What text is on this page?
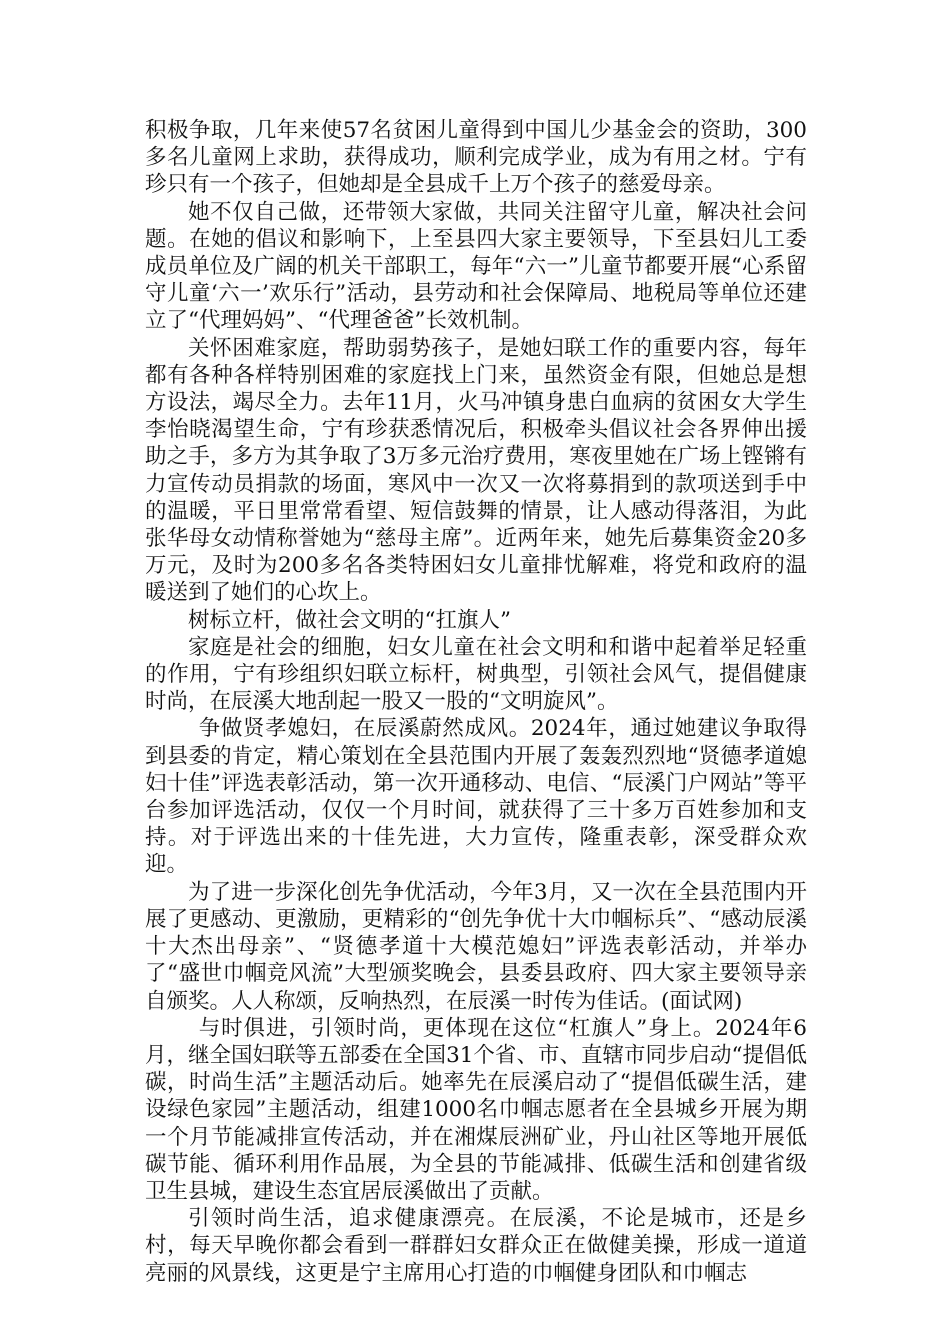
积极争取，几年来使57名贫困儿童得到中国儿少基金会的资助，300多名儿童网上求助，获得成功，顺利完成学业，成为有用之材。宁有珍只有一个孩子，但她却是全县成千上万个孩子的慈爱母亲。

她不仅自己做，还带领大家做，共同关注留守儿童，解决社会问题。在她的倡议和影响下，上至县四大家主要领导，下至县妇儿工委成员单位及广阔的机关干部职工，每年“六一”儿童节都要开展“心系留守儿童‘六一’欢乐行”活动，县劳动和社会保障局、地税局等单位还建立了“代理妈妈”、“代理爸爸”长效机制。

关怀困难家庭，帮助弱势孩子，是她妇联工作的重要内容，每年都有各种各样特别困难的家庭找上门来，虽然资金有限，但她总是想方设法，竭尽全力。去年11月，火马冲镇身患白血病的贫困女大学生李怡晓渴望生命，宁有珍获悉情况后，积极牵头倡议社会各界伸出援助之手，多方为其争取了3万多元治疗费用，寒夜里她在广场上铿锵有力宣传动员捐款的场面，寒风中一次又一次将募捐到的款项送到手中的温暖，平日里常常看望、短信鼓舞的情景，让人感动得落泪，为此张华母女动情称誉她为“慈母主席”。近两年来，她先后募集资金20多万元，及时为200多名各类特困妇女儿童排忧解难，将党和政府的温暖送到了她们的心坎上。

树标立杆，做社会文明的“扛旗人”

家庭是社会的细胞，妇女儿童在社会文明和和谐中起着举足轻重的作用，宁有珍组织妇联立标杆，树典型，引领社会风气，提倡健康时尚，在辰溪大地刮起一股又一股的“文明旋风”。

争做贤孝媳妇，在辰溪蔚然成风。2024年，通过她建议争取得到县委的肯定，精心策划在全县范围内开展了轰轰烈烈地“贤德孝道媳妇十佳”评选表彰活动，第一次开通移动、电信、“辰溪门户网站”等平台参加评选活动，仅仅一个月时间，就获得了三十多万百姓参加和支持。对于评选出来的十佳先进，大力宣传，隆重表彰，深受群众欢迎。

为了进一步深化创先争优活动，今年3月，又一次在全县范围内开展了更感动、更激励，更精彩的“创先争优十大巾帼标兵”、“感动辰溪十大杰出母亲”、“贤德孝道十大模范媳妇”评选表彰活动，并举办了“盛世巾帼竞风流”大型颁奖晚会，县委县政府、四大家主要领导亲自颁奖。人人称颂，反响热烈，在辰溪一时传为佳话。(面试网)

与时俱进，引领时尚，更体现在这位“杠旗人”身上。2024年6月，继全国妇联等五部委在全国31个省、市、直辖市同步启动“提倡低碳，时尚生活”主题活动后。她率先在辰溪启动了“提倡低碳生活，建设绿色家园”主题活动，组建1000名巾帼志愿者在全县城乡开展为期一个月节能减排宣传活动，并在湘煤辰洲矿业，丹山社区等地开展低碳节能、循环利用作品展，为全县的节能减排、低碳生活和创建省级卫生县城，建设生态宜居辰溪做出了贡献。

引领时尚生活，追求健康漂亮。在辰溪，不论是城市，还是乡村，每天早晚你都会看到一群群妇女群众正在做健美操，形成一道道亮丽的风景线，这更是宁主席用心打造的巾帼健身团队和巾帼志
